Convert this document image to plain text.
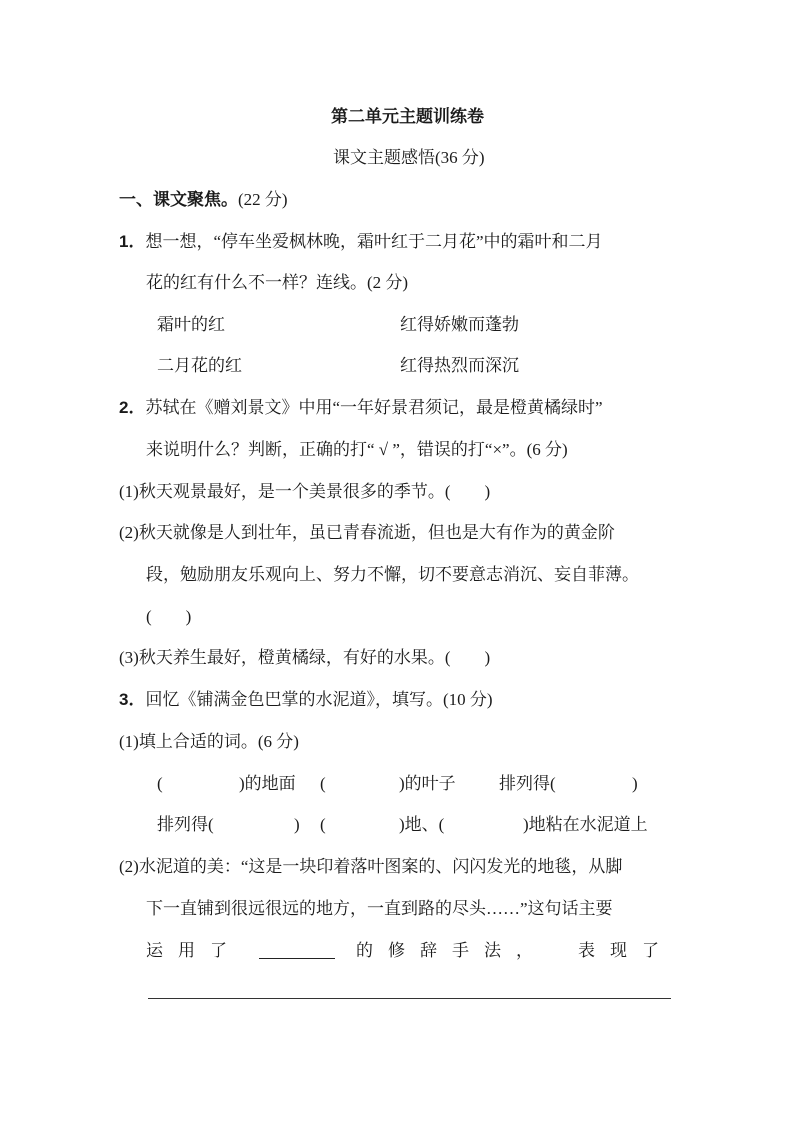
第二单元主题训练卷
课文主题感悟(36 分)
一、课文聚焦。(22 分)
1．想一想，“停车坐爱枫林晚，霜叶红于二月花”中的霜叶和二月
花的红有什么不一样？连线。(2 分)
霜叶的红	红得娇嫩而蓬勃
二月花的红	红得热烈而深沉
2．苏轼在《赠刘景文》中用“一年好景君须记，最是橙黄橘绿时”
来说明什么？判断，正确的打“ √ ”，错误的打“×”。(6 分)
(1)秋天观景最好，是一个美景很多的季节。(　　)
(2)秋天就像是人到壮年，虽已青春流逝，但也是大有作为的黄金阶
段，勉励朋友乐观向上、努力不懈，切不要意志消沉、妄自菲薄。
(　　)
(3)秋天养生最好，橙黄橘绿，有好的水果。(　　)
3．回忆《铺满金色巴掌的水泥道》，填写。(10 分)
(1)填上合适的词。(6 分)
(	)的地面 (	)的叶子	排列得(	)
排列得(	) (	)地、(	)地粘在水泥道上
(2)水泥道的美：“这是一块印着落叶图案的、闪闪发光的地毯，从脚
下一直铺到很远很远的地方，一直到路的尽头……”这句话主要
运用了	的修辞手法， 表现了
